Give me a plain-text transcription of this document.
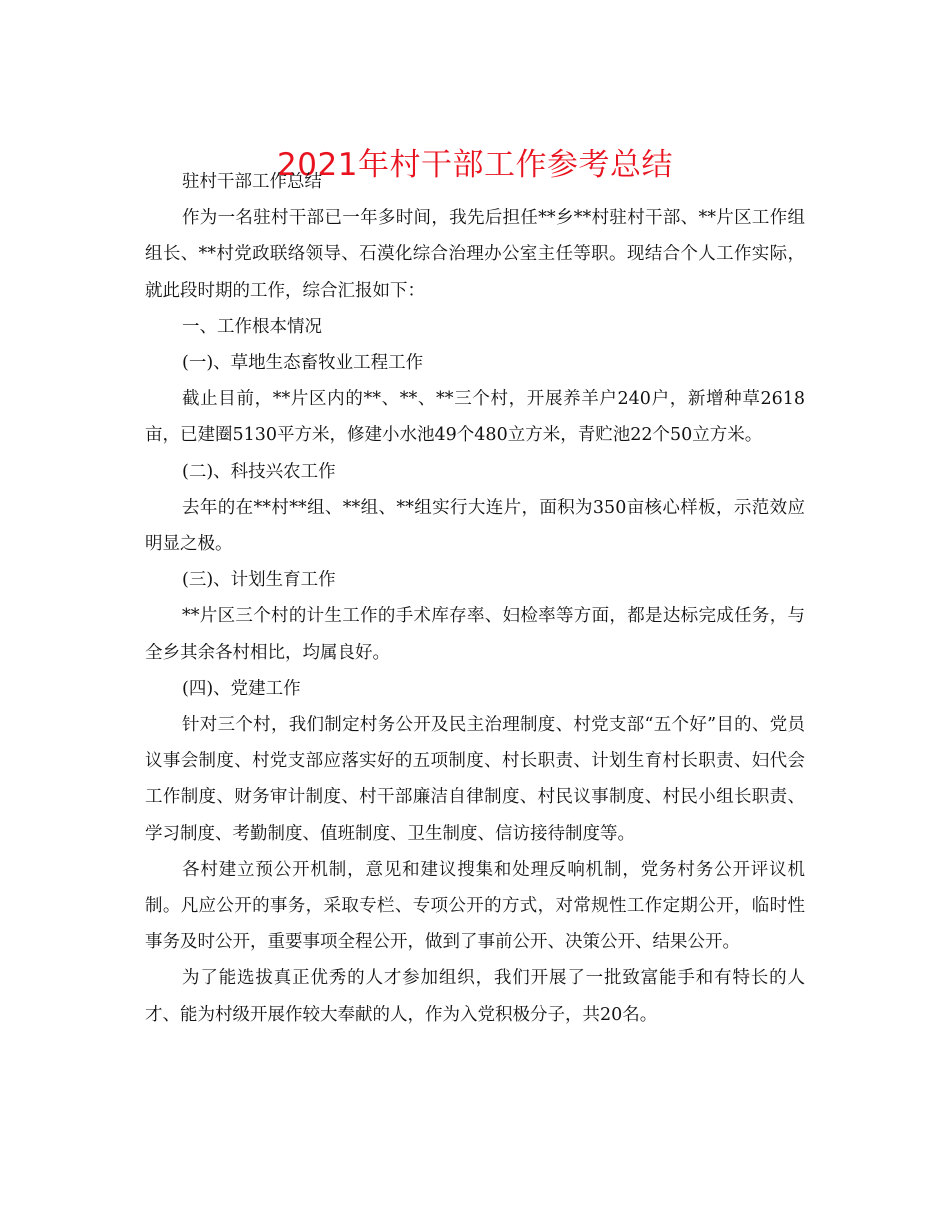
2021年村干部工作参考总结

驻村干部工作总结

作为一名驻村干部已一年多时间，我先后担任**乡**村驻村干部、**片区工作组组长、**村党政联络领导、石漠化综合治理办公室主任等职。现结合个人工作实际，就此段时期的工作，综合汇报如下：

一、工作根本情况

(一)、草地生态畜牧业工程工作

截止目前，**片区内的**、**、**三个村，开展养羊户240户，新增种草2618亩，已建圈5130平方米，修建小水池49个480立方米，青贮池22个50立方米。

(二)、科技兴农工作

去年的在**村**组、**组、**组实行大连片，面积为350亩核心样板，示范效应明显之极。

(三)、计划生育工作

**片区三个村的计生工作的手术库存率、妇检率等方面，都是达标完成任务，与全乡其余各村相比，均属良好。

(四)、党建工作

针对三个村，我们制定村务公开及民主治理制度、村党支部“五个好”目的、党员议事会制度、村党支部应落实好的五项制度、村长职责、计划生育村长职责、妇代会工作制度、财务审计制度、村干部廉洁自律制度、村民议事制度、村民小组长职责、学习制度、考勤制度、值班制度、卫生制度、信访接待制度等。

各村建立预公开机制，意见和建议搜集和处理反响机制，党务村务公开评议机制。凡应公开的事务，采取专栏、专项公开的方式，对常规性工作定期公开，临时性事务及时公开，重要事项全程公开，做到了事前公开、决策公开、结果公开。

为了能选拔真正优秀的人才参加组织，我们开展了一批致富能手和有特长的人才、能为村级开展作较大奉献的人，作为入党积极分子，共20名。
